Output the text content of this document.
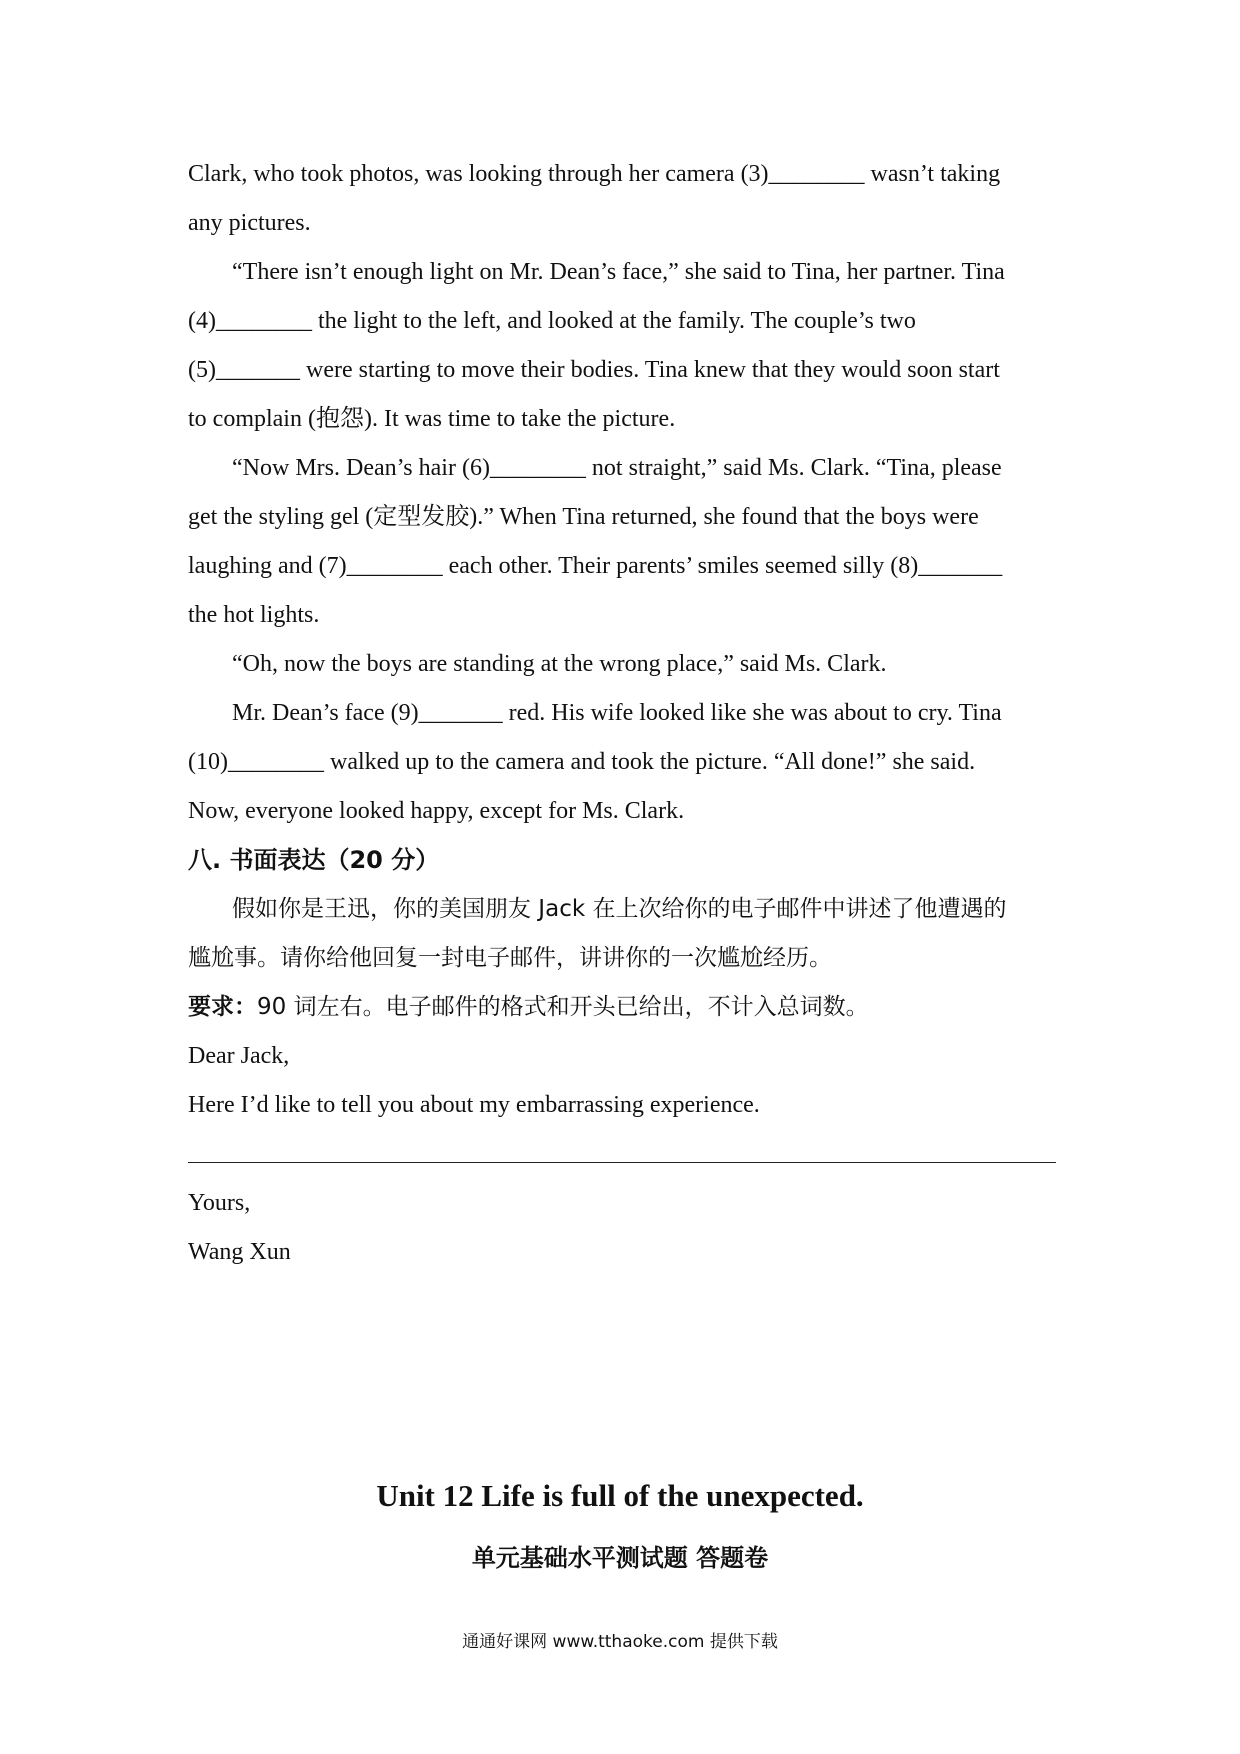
Clark, who took photos, was looking through her camera (3)________ wasn’t taking
any pictures.
“There isn’t enough light on Mr. Dean’s face,” she said to Tina, her partner. Tina
(4)________ the light to the left, and looked at the family. The couple’s two
(5)_______ were starting to move their bodies. Tina knew that they would soon start
to complain (抱怨). It was time to take the picture.
“Now Mrs. Dean’s hair (6)________ not straight,” said Ms. Clark. “Tina, please
get the styling gel (定型发胶).” When Tina returned, she found that the boys were
laughing and (7)________ each other. Their parents’ smiles seemed silly (8)_______
the hot lights.
“Oh, now the boys are standing at the wrong place,” said Ms. Clark.
Mr. Dean’s face (9)_______ red. His wife looked like she was about to cry. Tina
(10)________ walked up to the camera and took the picture. “All done!” she said.
Now, everyone looked happy, except for Ms. Clark.
八. 书面表达（20 分）
假如你是王迅，你的美国朋友 Jack 在上次给你的电子邮件中讲述了他遭遇的
尴尬事。请你给他回复一封电子邮件，讲讲你的一次尴尬经历。
要求：90 词左右。电子邮件的格式和开头已给出，不计入总词数。
Dear Jack,
Here I’d like to tell you about my embarrassing experience.
Yours,
Wang Xun
Unit 12 Life is full of the unexpected.
单元基础水平测试题 答题卷
通通好课网 www.tthaoke.com 提供下载
